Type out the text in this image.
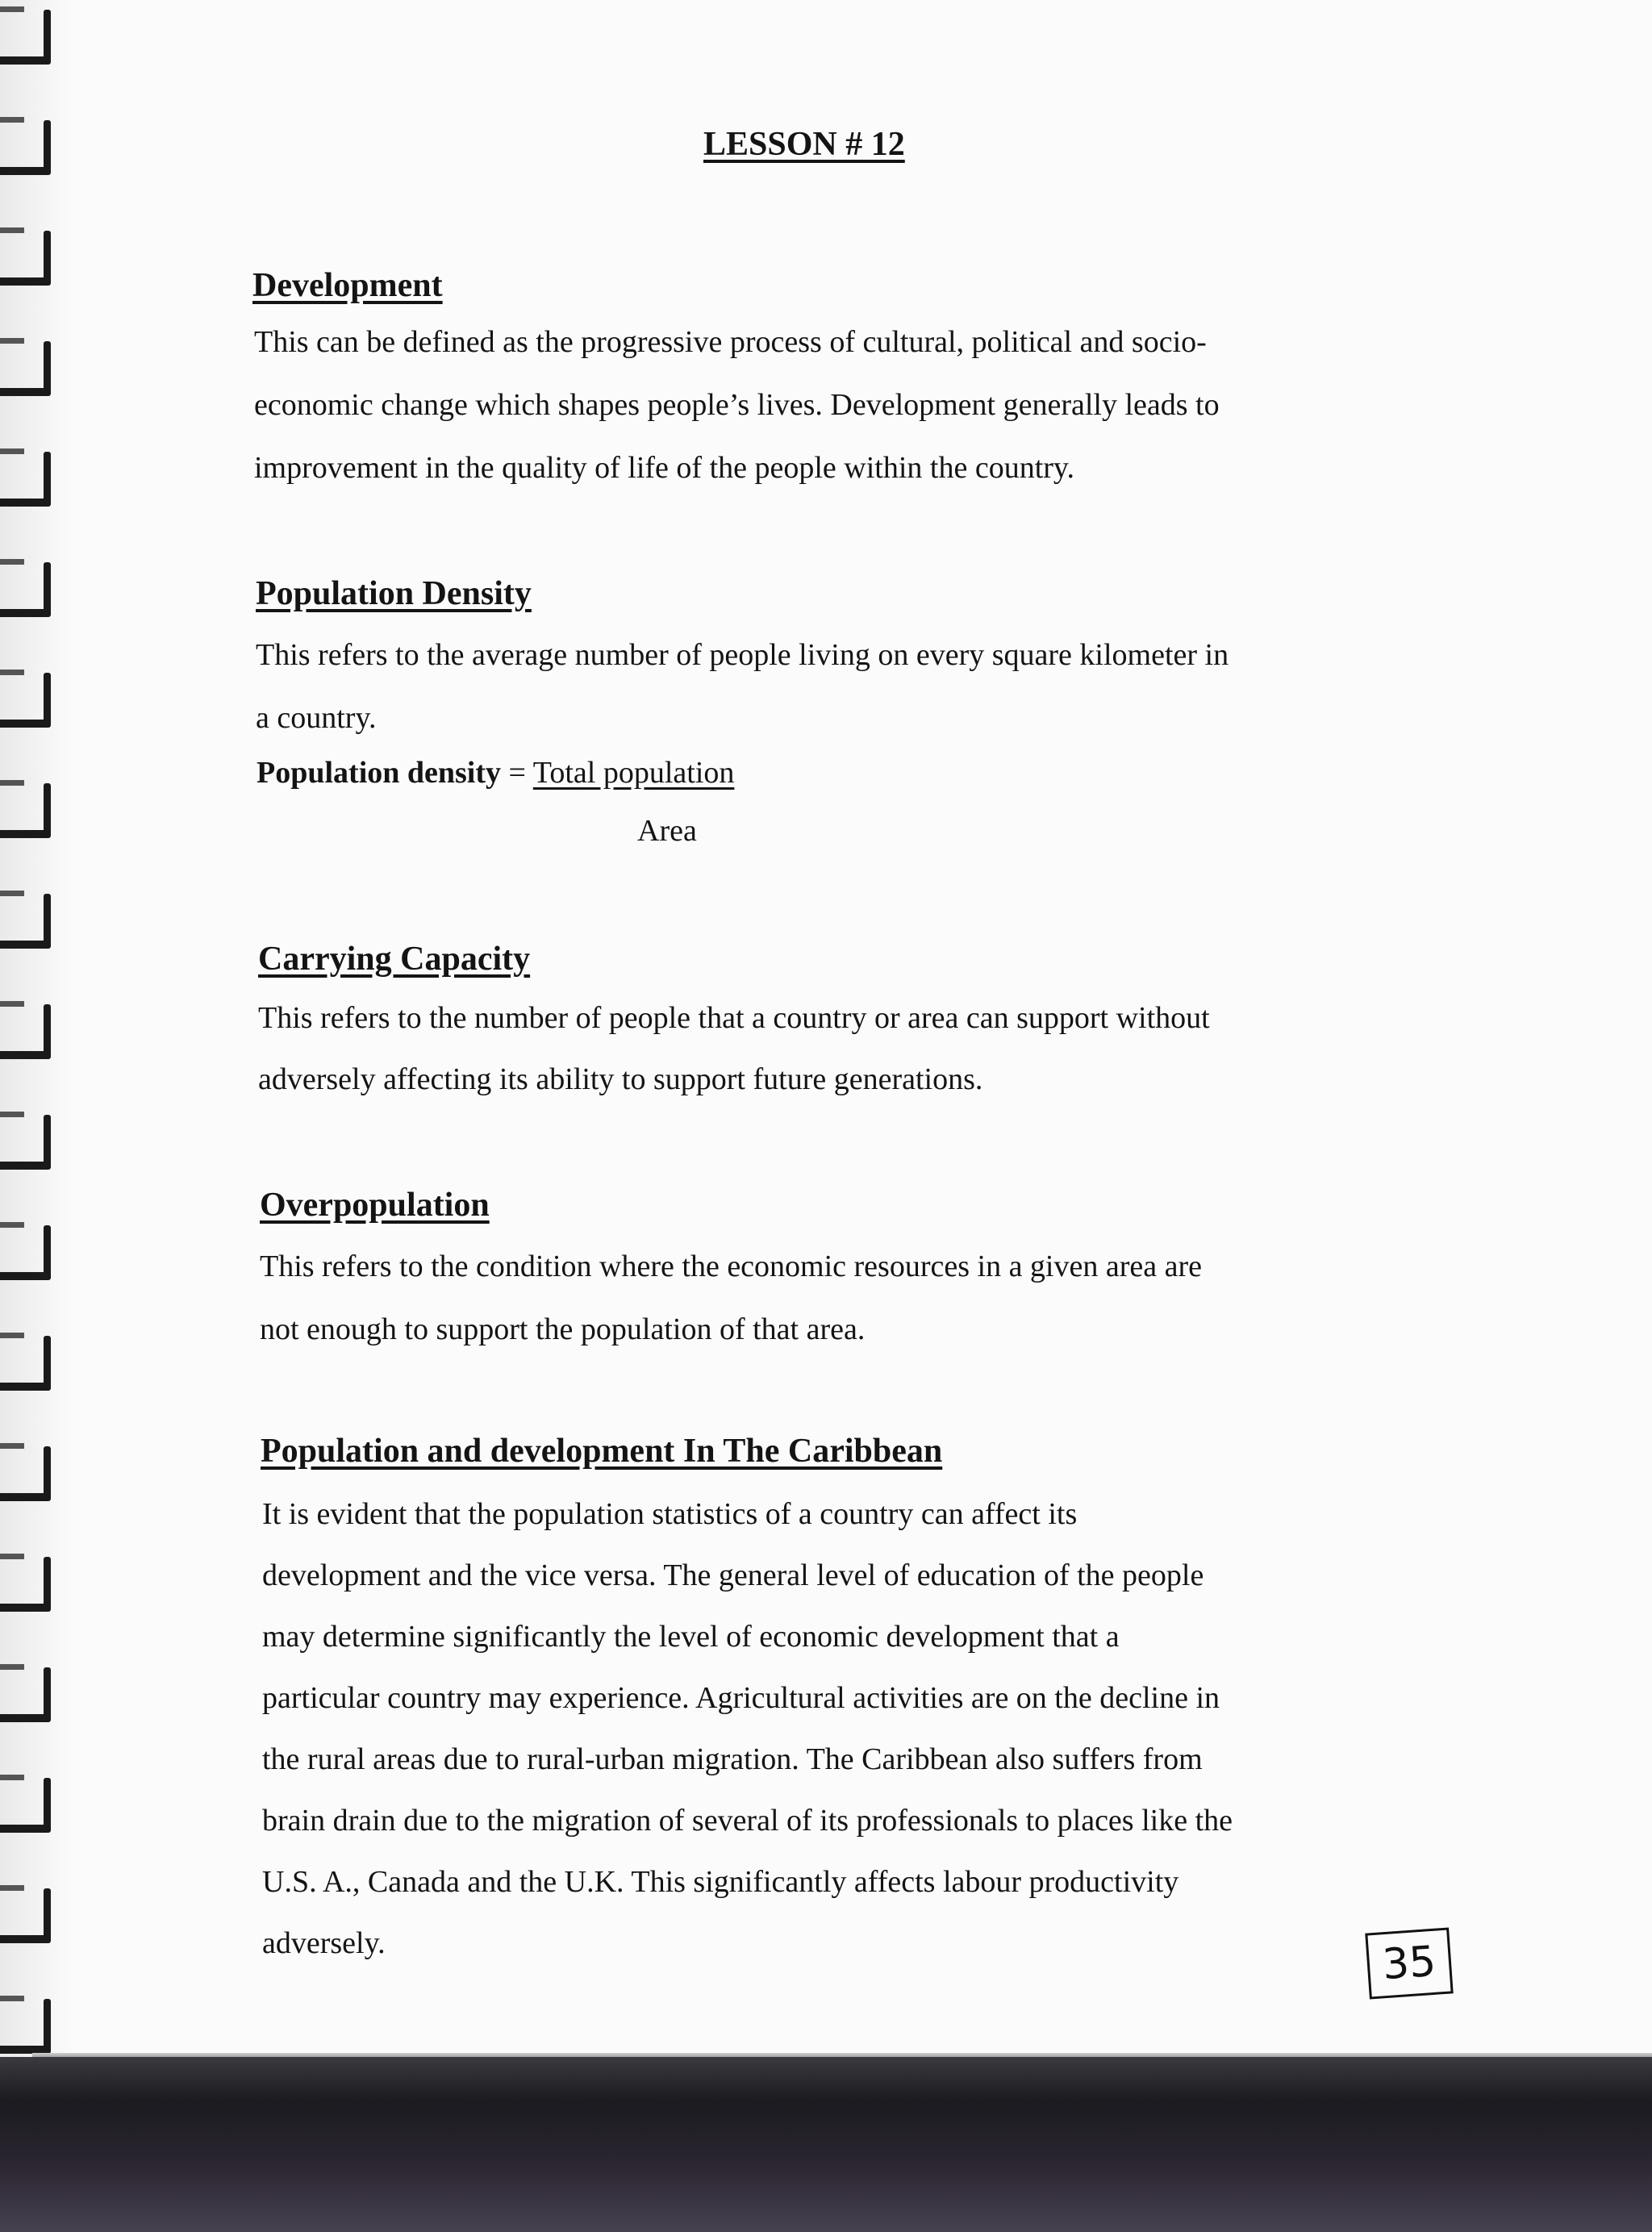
LESSON # 12
Development
This can be defined as the progressive process of cultural, political and socio-
economic change which shapes people’s lives. Development generally leads to
improvement in the quality of life of the people within the country.
Population Density
This refers to the average number of people living on every square kilometer in
a country.
Population density = Total population
Area
Carrying Capacity
This refers to the number of people that a country or area can support without
adversely affecting its ability to support future generations.
Overpopulation
This refers to the condition where the economic resources in a given area are
not enough to support the population of that area.
Population and development In The Caribbean
It is evident that the population statistics of a country can affect its
development and the vice versa. The general level of education of the people
may determine significantly the level of economic development that a
particular country may experience. Agricultural activities are on the decline in
the rural areas due to rural-urban migration. The Caribbean also suffers from
brain drain due to the migration of several of its professionals to places like the
U.S. A., Canada and the U.K. This significantly affects labour productivity
adversely.	35
